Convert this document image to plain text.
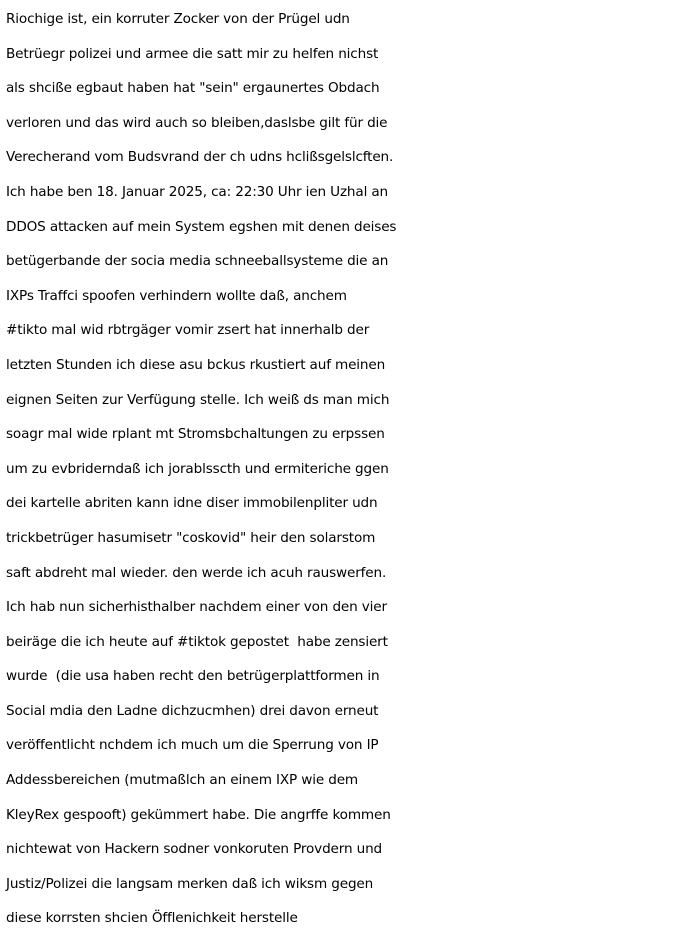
Riochige ist, ein korruter Zocker von der Prügel udn
Betrüegr polizei und armee die satt mir zu helfen nichst
als shcißе egbaut haben hat "sein" ergaunertes Obdach
verloren und das wird auch so bleiben,daslsbe gilt für die
Verecherand vom Budsvrand der ch udns hclißsgelslcften.
Ich habe ben 18. Januar 2025, ca: 22:30 Uhr ien Uzhal an
DDOS attacken auf mein System egshen mit denen deises
betügerbande der socia media schneeballsysteme die an
IXPs Traffci spoofen verhindern wollte daß, anchem
#tikto mal wid rbtrgäger vomir zsert hat innerhalb der
letzten Stunden ich diese asu bckus rkustiert auf meinen
eignen Seiten zur Verfügung stelle. Ich weiß ds man mich
soagr mal wide rplant mt Stromsbchaltungen zu erpssen
um zu evbriderndaß ich jorablsscth und ermiteriche ggen
dei kartelle abriten kann idne diser immobilenpliter udn
trickbetrüger hasumisetr "coskovid" heir den solarstom
saft abdreht mal wieder. den werde ich acuh rauswerfen.
Ich hab nun sicherhisthalber nachdem einer von den vier
beiräge die ich heute auf #tiktok gepostet  habe zensiert
wurde  (die usa haben recht den betrügerplattformen in
Social mdia den Ladne dichzucmhen) drei davon erneut
veröffentlicht nchdem ich much um die Sperrung von IP
Addessbereichen (mutmaßlch an einem IXP wie dem
KleyRex gespooft) gekümmert habe. Die angrffe kommen
nichtewat von Hackern sodner vonkoruten Provdern und
Justiz/Polizei die langsam merken daß ich wiksm gegen
diese korrsten shcien Öfflenichkeit herstelle
